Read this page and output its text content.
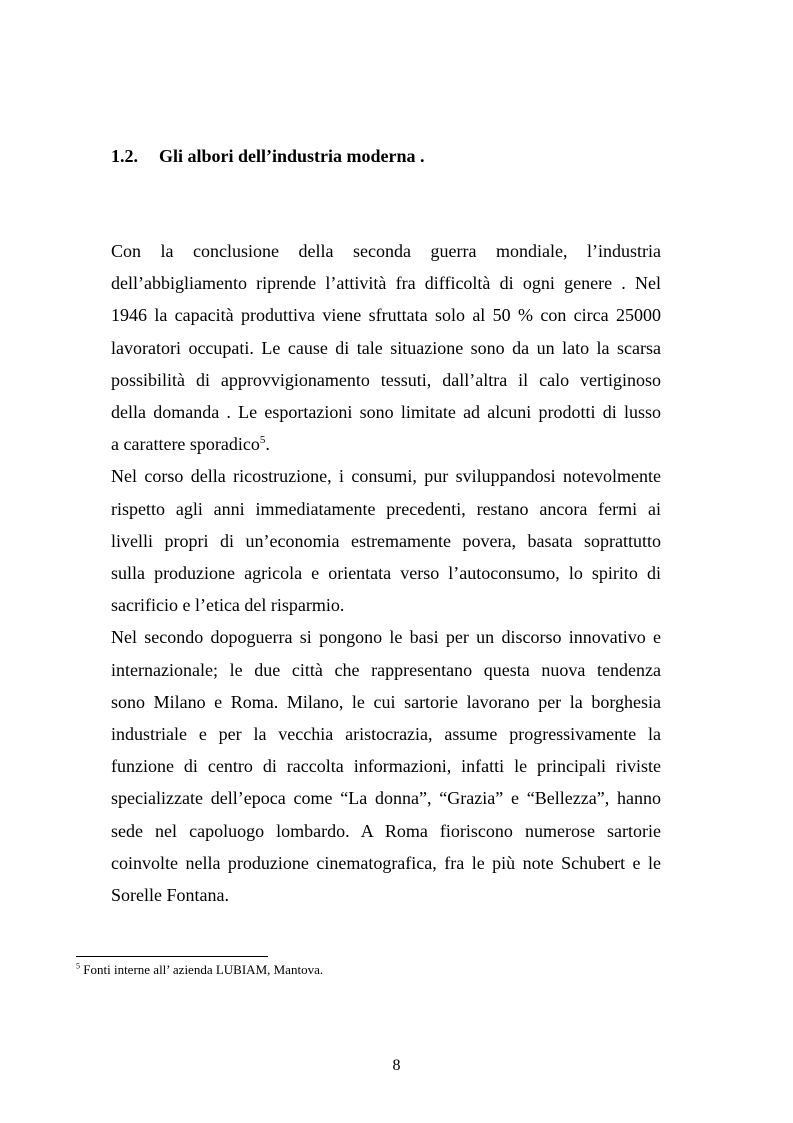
1.2. Gli albori dell’industria moderna .
Con la conclusione della seconda guerra mondiale, l’industria
dell’abbigliamento riprende l’attività fra difficoltà di ogni genere . Nel
1946 la capacità produttiva viene sfruttata solo al 50 % con circa 25000
lavoratori occupati. Le cause di tale situazione sono da un lato la scarsa
possibilità di approvvigionamento tessuti, dall’altra il calo vertiginoso
della domanda . Le esportazioni sono limitate ad alcuni prodotti di lusso
a carattere sporadico$^5$.
Nel corso della ricostruzione, i consumi, pur sviluppandosi notevolmente
rispetto agli anni immediatamente precedenti, restano ancora fermi ai
livelli propri di un’economia estremamente povera, basata soprattutto
sulla produzione agricola e orientata verso l’autoconsumo, lo spirito di
sacrificio e l’etica del risparmio.
Nel secondo dopoguerra si pongono le basi per un discorso innovativo e
internazionale; le due città che rappresentano questa nuova tendenza
sono Milano e Roma. Milano, le cui sartorie lavorano per la borghesia
industriale e per la vecchia aristocrazia, assume progressivamente la
funzione di centro di raccolta informazioni, infatti le principali riviste
specializzate dell’epoca come “La donna”, “Grazia” e “Bellezza”, hanno
sede nel capoluogo lombardo. A Roma fioriscono numerose sartorie
coinvolte nella produzione cinematografica, fra le più note Schubert e le
Sorelle Fontana.
$^5$ Fonti interne all’ azienda LUBIAM, Mantova.
8
